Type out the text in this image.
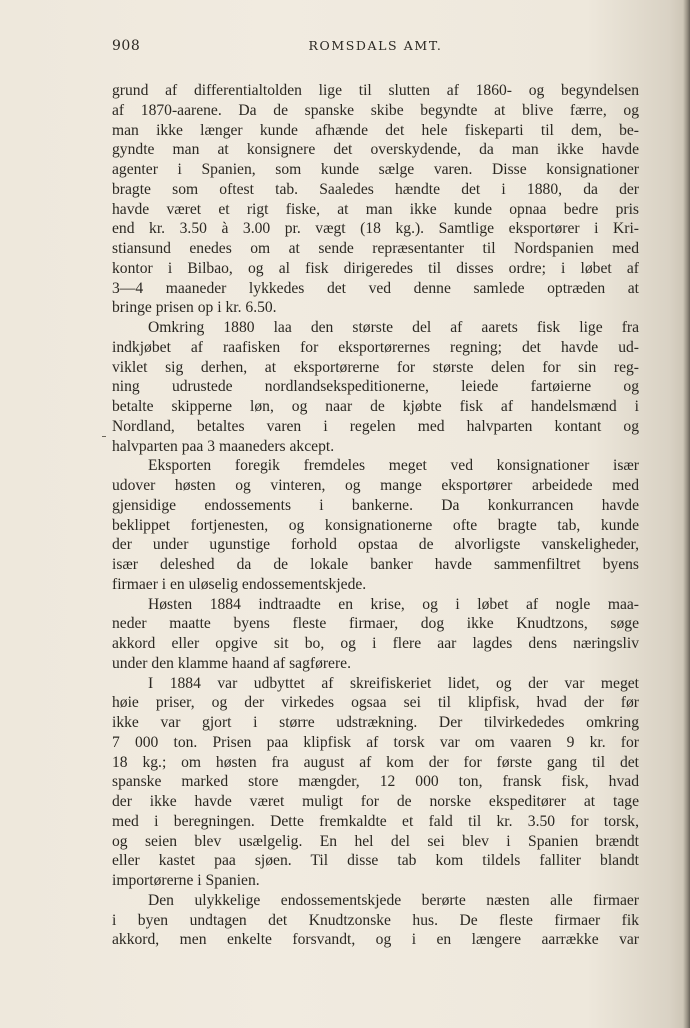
908	ROMSDALS AMT.
grund af differentialtolden lige til slutten af 1860- og begyndelsen
af 1870-aarene. Da de spanske skibe begyndte at blive færre, og
man ikke længer kunde afhænde det hele fiskeparti til dem, be-
gyndte man at konsignere det overskydende, da man ikke havde
agenter i Spanien, som kunde sælge varen. Disse konsignationer
bragte som oftest tab. Saaledes hændte det i 1880, da der
havde været et rigt fiske, at man ikke kunde opnaa bedre pris
end kr. 3.50 à 3.00 pr. vægt (18 kg.). Samtlige eksportører i Kri-
stiansund enedes om at sende repræsentanter til Nordspanien med
kontor i Bilbao, og al fisk dirigeredes til disses ordre; i løbet af
3—4 maaneder lykkedes det ved denne samlede optræden at
bringe prisen op i kr. 6.50.
Omkring 1880 laa den største del af aarets fisk lige fra
indkjøbet af raafisken for eksportørernes regning; det havde ud-
viklet sig derhen, at eksportørerne for største delen for sin reg-
ning udrustede nordlandsekspeditionerne, leiede fartøierne og
betalte skipperne løn, og naar de kjøbte fisk af handelsmænd i
Nordland, betaltes varen i regelen med halvparten kontant og
halvparten paa 3 maaneders akcept.
Eksporten foregik fremdeles meget ved konsignationer især
udover høsten og vinteren, og mange eksportører arbeidede med
gjensidige endossements i bankerne. Da konkurrancen havde
beklippet fortjenesten, og konsignationerne ofte bragte tab, kunde
der under ugunstige forhold opstaa de alvorligste vanskeligheder,
især deleshed da de lokale banker havde sammenfiltret byens
firmaer i en uløselig endossementskjede.
Høsten 1884 indtraadte en krise, og i løbet af nogle maa-
neder maatte byens fleste firmaer, dog ikke Knudtzons, søge
akkord eller opgive sit bo, og i flere aar lagdes dens næringsliv
under den klamme haand af sagførere.
I 1884 var udbyttet af skreifiskeriet lidet, og der var meget
høie priser, og der virkedes ogsaa sei til klipfisk, hvad der før
ikke var gjort i større udstrækning. Der tilvirkededes omkring
7 000 ton. Prisen paa klipfisk af torsk var om vaaren 9 kr. for
18 kg.; om høsten fra august af kom der for første gang til det
spanske marked store mængder, 12 000 ton, fransk fisk, hvad
der ikke havde været muligt for de norske ekspeditører at tage
med i beregningen. Dette fremkaldte et fald til kr. 3.50 for torsk,
og seien blev usælgelig. En hel del sei blev i Spanien brændt
eller kastet paa sjøen. Til disse tab kom tildels falliter blandt
importørerne i Spanien.
Den ulykkelige endossementskjede berørte næsten alle firmaer
i byen undtagen det Knudtzonske hus. De fleste firmaer fik
akkord, men enkelte forsvandt, og i en længere aarrække var
